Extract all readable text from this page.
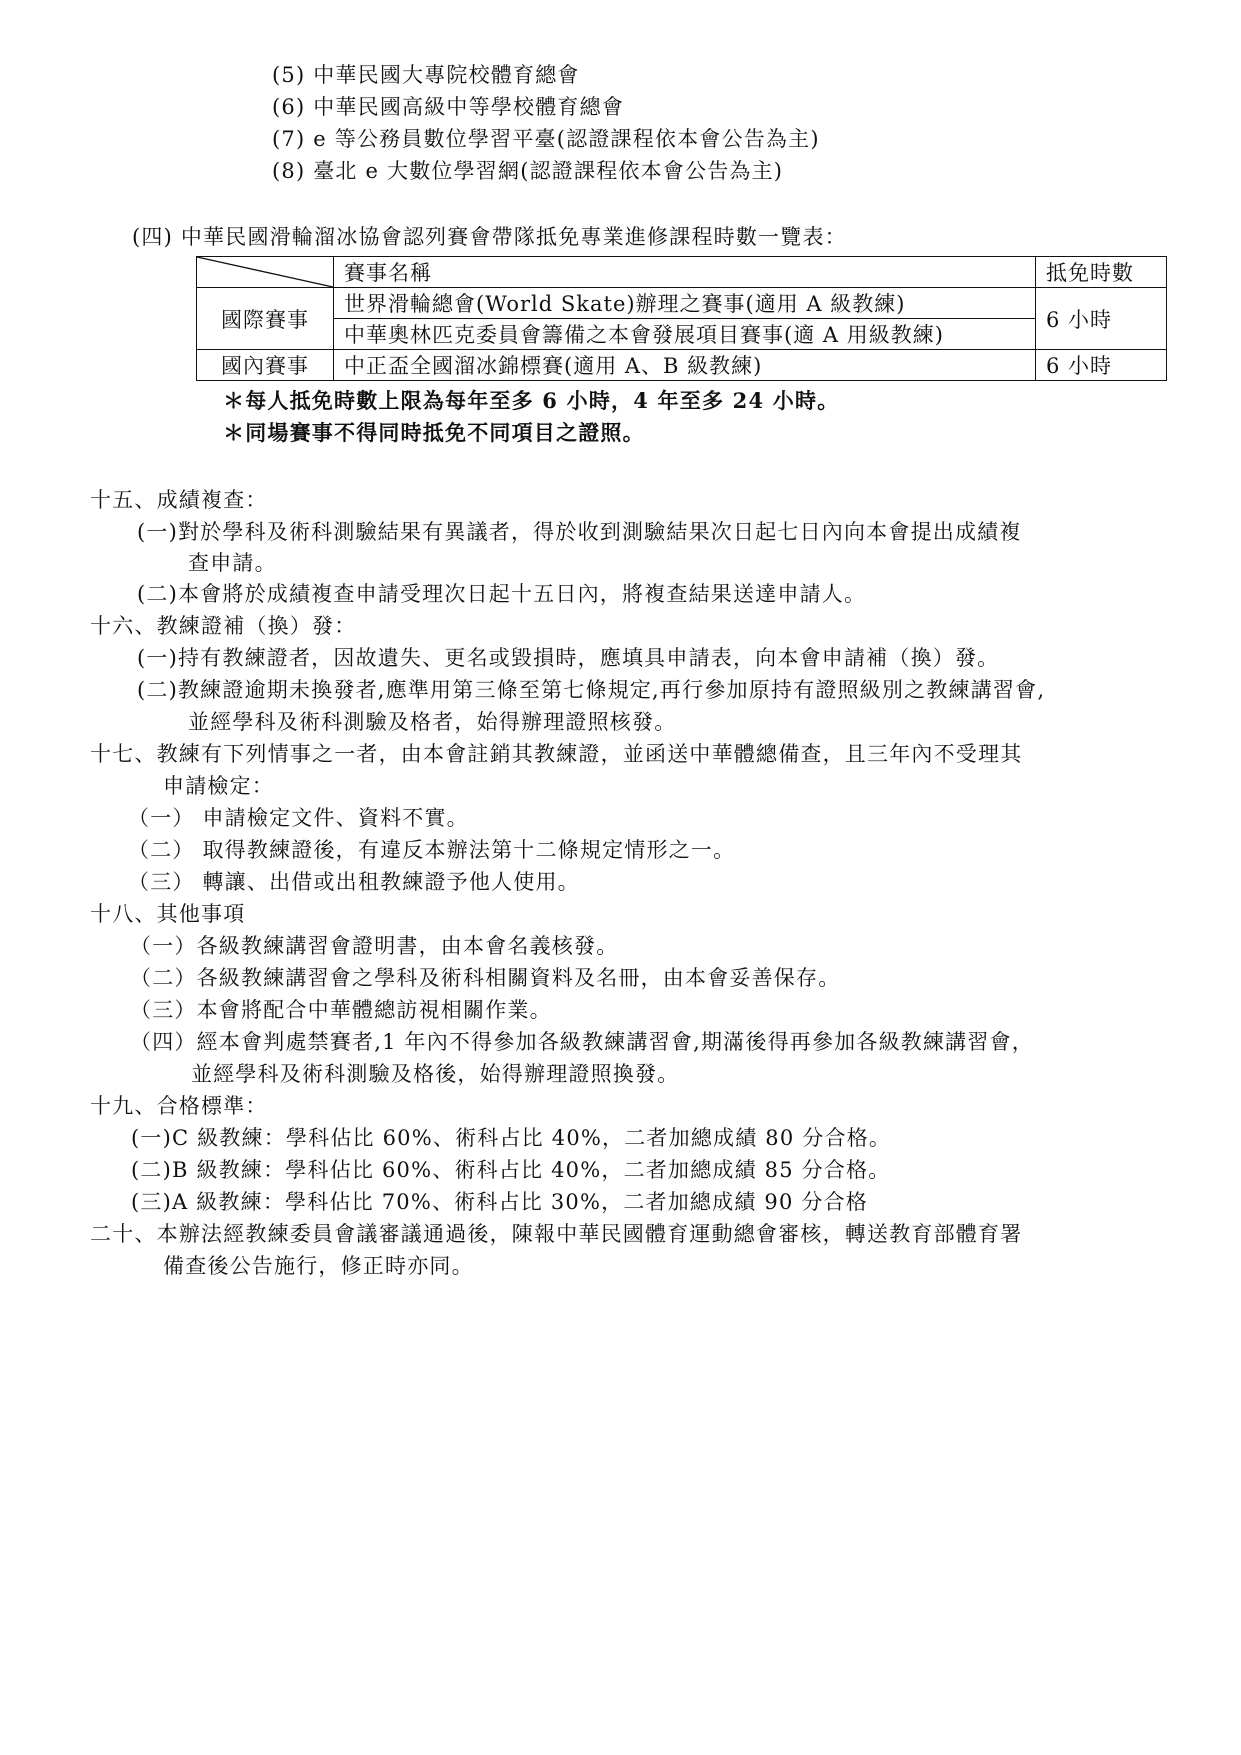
(5) 中華民國大專院校體育總會
(6) 中華民國高級中等學校體育總會
(7) e 等公務員數位學習平臺(認證課程依本會公告為主)
(8) 臺北 e 大數位學習網(認證課程依本會公告為主)
(四) 中華民國滑輪溜冰協會認列賽會帶隊抵免專業進修課程時數一覽表：
	賽事名稱	抵免時數
國際賽事	世界滑輪總會(World Skate)辦理之賽事(適用 A 級教練)	6 小時
	中華奧林匹克委員會籌備之本會發展項目賽事(適 A 用級教練)	
國內賽事	中正盃全國溜冰錦標賽(適用 A、B 級教練)	6 小時
＊每人抵免時數上限為每年至多 6 小時，4 年至多 24 小時。
＊同場賽事不得同時抵免不同項目之證照。
十五、成績複查：
(一)對於學科及術科測驗結果有異議者，得於收到測驗結果次日起七日內向本會提出成績複
查申請。
(二)本會將於成績複查申請受理次日起十五日內，將複查結果送達申請人。
十六、教練證補（換）發：
(一)持有教練證者，因故遺失、更名或毀損時，應填具申請表，向本會申請補（換）發。
(二)教練證逾期未換發者,應準用第三條至第七條規定,再行參加原持有證照級別之教練講習會,
並經學科及術科測驗及格者，始得辦理證照核發。
十七、教練有下列情事之一者，由本會註銷其教練證，並函送中華體總備查，且三年內不受理其
申請檢定：
（一） 申請檢定文件、資料不實。
（二） 取得教練證後，有違反本辦法第十二條規定情形之一。
（三） 轉讓、出借或出租教練證予他人使用。
十八、其他事項
（一）各級教練講習會證明書，由本會名義核發。
（二）各級教練講習會之學科及術科相關資料及名冊，由本會妥善保存。
（三）本會將配合中華體總訪視相關作業。
（四）經本會判處禁賽者,1 年內不得參加各級教練講習會,期滿後得再參加各級教練講習會，
並經學科及術科測驗及格後，始得辦理證照換發。
十九、合格標準：
(一)C 級教練：學科佔比 60%、術科占比 40%，二者加總成績 80 分合格。
(二)B 級教練：學科佔比 60%、術科占比 40%，二者加總成績 85 分合格。
(三)A 級教練：學科佔比 70%、術科占比 30%，二者加總成績 90 分合格
二十、本辦法經教練委員會議審議通過後，陳報中華民國體育運動總會審核，轉送教育部體育署
備查後公告施行，修正時亦同。
